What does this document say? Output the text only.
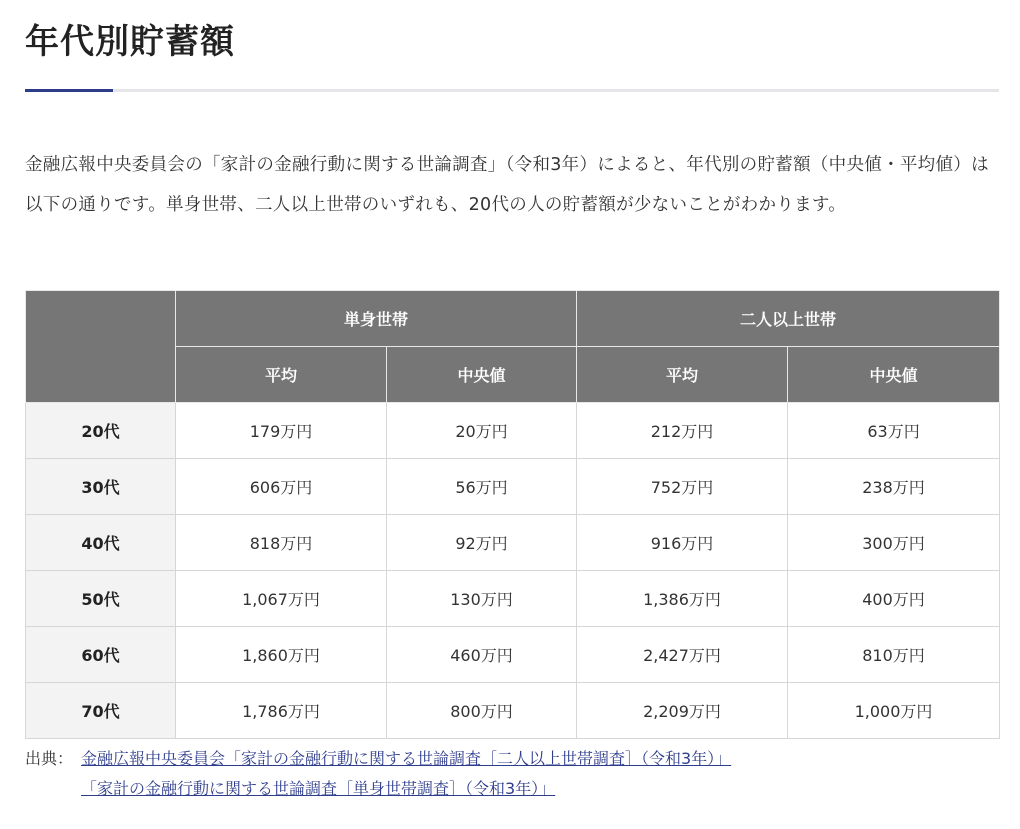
年代別貯蓄額

金融広報中央委員会の「家計の金融行動に関する世論調査」（令和3年）によると、年代別の貯蓄額（中央値・平均値）は以下の通りです。単身世帯、二人以上世帯のいずれも、20代の人の貯蓄額が少ないことがわかります。

	単身世帯		二人以上世帯	
	平均	中央値	平均	中央値
20代	179万円	20万円	212万円	63万円
30代	606万円	56万円	752万円	238万円
40代	818万円	92万円	916万円	300万円
50代	1,067万円	130万円	1,386万円	400万円
60代	1,860万円	460万円	2,427万円	810万円
70代	1,786万円	800万円	2,209万円	1,000万円
出典： 金融広報中央委員会「家計の金融行動に関する世論調査［二人以上世帯調査］（令和3年）」
「家計の金融行動に関する世論調査［単身世帯調査］（令和3年）」
